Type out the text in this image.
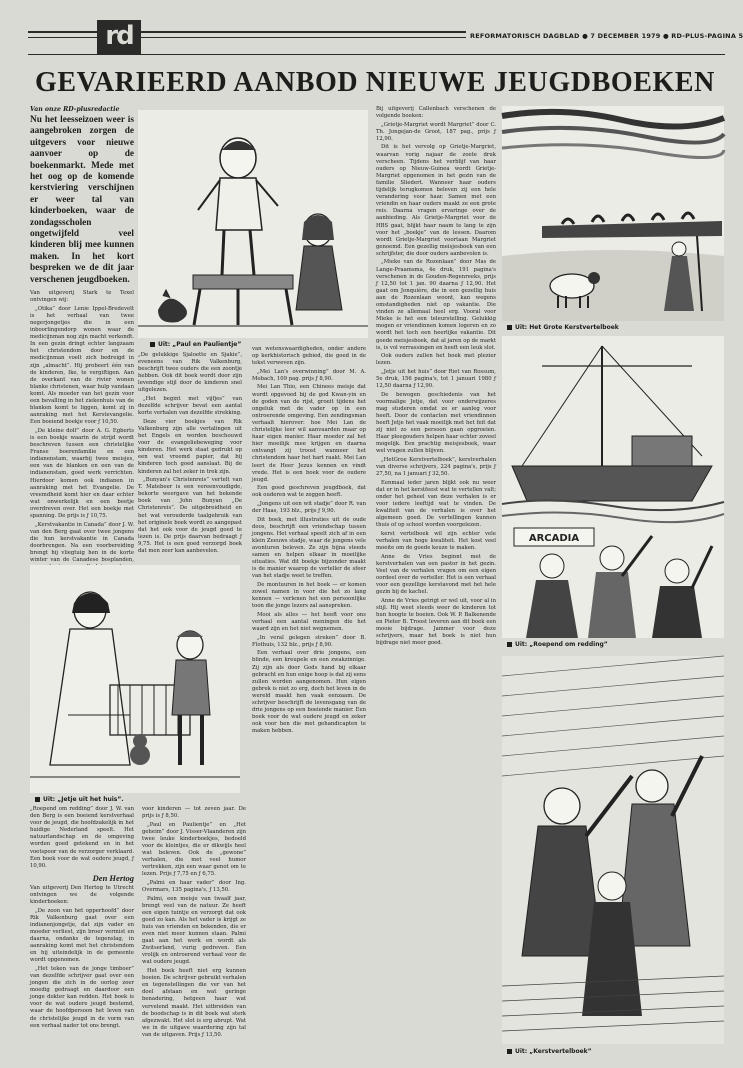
rd	REFORMATORISCH DAGBLAD ● 7 DECEMBER 1979 ● RD-PLUS-PAGINA 5
GEVARIEERD AANBOD NIEUWE JEUGDBOEKEN
Van onze RD-plusredactie
Nu het leesseizoen weer is aangebroken zorgen de uitgevers voor nieuwe aanvoer op de boekenmarkt. Mede met het oog op de komende kerstviering verschijnen er weer tal van kinderboeken, waar de zondagsscholen ongetwijfeld veel kinderen blij mee kunnen maken. In het kort bespreken we de dit jaar verschenen jeugdboeken.

Van uitgeverij Stark te Texel ontvingen wij:

„Otika” door Lenie Ippel-Bredevelt is het verhaal van twee negerjongetjes die in een inboorlingendorp wonen waar de medicijnman nog zijn macht verkondt. In een gezin dringt echter langzaam het christendom door en de medicijnman voelt zich bedreigd in zijn „almacht”. Hij probeert één van de kinderen, Ike, te vergiftigen. Aan de overkant van de rivier wonen blanke christenen, waar hulp vandaan komt. Als moeder van het gezin voor een bevalling in het ziekenhuis van de blanken komt te liggen, komt zij in aanraking met het Kerstevangelie. Een boeiend boekje voor ƒ 10,50.

„De kleine dolf” door A. G. Egberts is een boekje waarin de strijd wordt beschreven tussen een christelijke Franse boerenfamilie en een indianenstam, waarbij twee meisjes, een van de blanken en een van de indianenstam, goed werk verrichten. Hierdoor komen ook indianen in aanraking met het Evangelie. De vreemdheid komt hier en daar echter wat onwerkelijk en een beetje overdreven over. Het een boekje met spanning. De prijs is ƒ 10,75.

„Kerstvakantie in Canada” door J. W. van den Berg gaat over twee jongens die hun kerstvakantie in Canada doorbrengen. Na een voorbereiding brengt hij vliegtuig hen in de korte winter van de Canadese bosplanden,

Uit: „Paul en Paulientje”

„De gelukkige Sjaloette en Sjakie”, eveneens van Rik Valkenburg, beschrijft twee ouders die een zoontje hebben. Ook dit boek wordt door zijn levendige stijl door de kinderen snel uitgelezen.

„Het begint met vijfjes” van dezelfde schrijver bevat een aantal korte verhalen van dezelfde strekking.

Deze vier boekjes van Rik Valkenburg zijn alle vertalingen uit het Engels en worden beschouwd voor de evangeliebeweging voor kinderen. Het werk staat gedrukt op een wat vreemd papier, dat bij kinderen toch goed aanslaat. Bij de kinderen zal het zeker in trek zijn.

„Bunyan's Christenreis” vertelt van T. Matebeer is een vereenvoudigde, bekorte weergave van het bekende boek van John Bunyan „De Christenreis”. De uitgebreidheid en het wat verouderde taalgebruik van het originele boek wordt zo aangepast dat het ook voor de jeugd goed te lezen is. De prijs daarvan bedraagt ƒ 9,75. Het is een goed verzorgd boek dat men zeer kan aanbevelen.

Uit: „Jetje uit het huis”.

„Roepend om redding” door J. W. van den Berg is een boeiend kerstverhaal voor de jeugd, die hoofdzakelijk in het huidige Nederland speelt. Het natuurlandschap en de omgeving worden goed getekend en in het voetspoor van de verzorger verklaard. Een boek voor de wat oudere jeugd, ƒ 10,90.

Den Hertog

Van uitgeverij Den Hertog te Utrecht ontvingen we de volgende kinderboeken:

„De zoon van het opperhoofd” door Rik Valkenburg gaat over een indianenjongetje, dat zijn vader en moeder verliest, zijn broer vermist en daarna, ondanks de tegenslag, in aanraking komt met het christendom en hij uiteindelijk in de gemeente wordt opgenomen.

„Het teken van de jonge timboer” van dezelfde schrijver gaat over een jongen die zich in de oorlog zeer moedig gedraagt en daardoor een jonge dokter kan redden. Het boek is voor de wat oudere jeugd bestemd, waar de hoofdpersoon het leven van de christelijke jeugd in de vorm van een verhaal nader tot ons brengt.

voor kinderen — tot zeven jaar. De prijs is ƒ 8,50.

„Paul en Paulientje” en „Het geheim” door J. Visser-Vlaanderen zijn twee leuke kinderboekjes, bedoeld voor de kleintjes, die er dikwijls heel wat beleven. Ook de „gewone” verhalen, die met veel humor vertrekken, zijn een waar genot om te lezen. Prijs ƒ 7,75 en ƒ 6,75.

„Palmi en haar vader” door Ing. Overmars, 135 pagina's, ƒ 13,50.

Palmi, een meisje van twaalf jaar, brengt veel van de natuur. Ze heeft een eigen tuintje en verzorgt dat ook goed zo kan. Als het vader is krijgt ze huis van vrienden en bekenden, die er even niet meer kunnen staan. Palmi gaat aan het werk en wordt als Zwitserland, vurig gedreven. Een vrolijk en ontroerend verhaal voor de wat oudere jeugd.

Het boek heeft niet erg kunnen boeien. De schrijver gebruikt verhalen en tegenstellingen die ver van het doel afstaan en wat geringe benadering, hetgeen haar wat vervelend maakt. Het uitbreiden van de boodschap is in dit boek wat sterk afgezwakt. Het slot is erg abrupt. Wat we in de uitgave waardering zijn tal van de uitgaven. Prijs ƒ 13,50.

van wetenswaardigheden, onder andere op kerkhistorisch gebied, die goed in de tekst verweven zijn.

„Mei Lan's overwinning” door M. A. Mobach, 109 pag. prijs ƒ 8,90.

Mei Lan Thio, een Chinees meisje dat wordt opgevoed bij de god Kwan-yin en de goden van de rijst, groeit tijdens het ongeluk met de vader op in een ontroerende omgeving. Een zendingsman verhaalt hierover: hoe Mei Lan de christelijke leer wil aanvaarden maar op haar eigen manier. Haar moeder zal het hier moeilijk mee krijgen en daarna ontvangt zij troost wanneer het christendom haar het hart raakt. Mei Lan leert de Heer Jezus kennen en vindt vrede. Het is een boek voor de oudere jeugd.

Een goed geschreven jeugdboek, dat ook ouderen wat te zeggen heeft.

„Jongens uit een wit stadje” door R. van der Haas, 193 blz., prijs ƒ 9,90.

Dit boek, met illustraties uit de oude doos, beschrijft een vriendschap tussen jongens. Het verhaal speelt zich af in een klein Zeeuws stadje, waar de jongens vele avonturen beleven. Ze zijn bijna steeds samen en helpen elkaar in moeilijke situaties. Wat dit boekje bijzonder maakt is de manier waarop de verteller de sfeer van het stadje weet te treffen.

De montuuren in het boek — er komen zowel namen in voor die het zo lang kennen — verlenen het een persoonlijke toon die jonge lezers zal aanspreken.

Mooi als alles — het heeft voor ons verhaal een aantal meningen die het waard zijn en het niet wegnemen.

„In veral gelegen streken” door B. Flothuis, 132 blz., prijs ƒ 8,90.

Een verhaal over drie jongens, een blinde, een kreupele en een zwakzinnige. Zij zijn als door Gods hand bij elkaar gebracht en hun enige hoop is dat zij eens zullen worden aangenomen. Hun eigen gebrek is niet zo erg, doch het leven in de wereld maakt hen vaak eenzaam. De schrijver beschrijft de levensgang van de drie jongens op een boeiende manier. Een boek voor de wat oudere jeugd en zeker ook voor hen die met gehandicapten te maken hebben.

Bij uitgeverij Callenbach verschenen de volgende boeken:

„Grietje-Margriet wordt Margriet” door C. Th. Jongejan-de Groot, 187 pag., prijs ƒ 12,90.

Dit is het vervolg op Grietje-Margriet, waarvan vorig najaar de zoete druk verscheen. Tijdens het verblijf van haar ouders op Nieuw-Guinea wordt Grietje-Margriet opgenomen in het gezin van de familie Sliedert. Wanneer haar ouders tijdelijk terugkomen beleven zij een hele verandering voor haar. Samen met een vriendin en haar ouders maakt ze een grote reis. Daarna vragen ervaringe over de aanbieding. Als Grietje-Margriet voor de HBS gaat, blijkt haar naam te lang te zijn voor het „boekje” van de lessen. Daarom wordt Grietje-Margriet voortaan Margriet genoemd. Een gezellig meisjesboek van een schrijfster, die door ouders aanbevolen is.

„Mieke van de Rozenlaan” door Mas de Lange-Praamsma, 4e druk, 191 pagina's verschenen in de Gouden-Regenreeks, prijs ƒ 12,50 tot 1 jan. 90 daarna ƒ 12,90. Het gaat om Jonquière, die in een gezellig huis aan de Rozenlaan woont, kan wegens omstandigheden niet op vakantie. Die vinden ze allemaal heel erg. Vooral voor Mieke is het een teleurstelling. Gelukkig mogen er vriendinnen komen logeren en zo wordt het toch een heerlijke vakantie. Dit goede meisjesboek, dat al jaren op de markt is, is vol verrassingen en heeft een leuk slot.

Ook ouders zullen het boek met plezier lezen.

„Jetje uit het huis” door Riet van Rossum, 5e druk, 156 pagina's, tot 1 januari 1980 ƒ 12,50 daarna ƒ 12,90.

De bewogen geschiedenis van het voormalige Jetje, dat voor onderwijzeres mag studeren omdat ze er aanleg voor heeft. Door de contacten met vriendinnen heeft Jetje het vaak moeilijk met het feit dat zij niet zo een persoon gaan opgroeien. Haar pleegouders helpen haar echter zoveel mogelijk. Een prachtig meisjesboek, waar wel vragen zullen blijven.

„HetGroe Kerstvertelboek”, kerstverhalen van diverse schrijvers, 224 pagina's, prijs ƒ 27,50, na 1 januari ƒ 32,50.

Eenmaal ieder jaren blijkt ook nu weer dat er in het kerstfeest wat te vertellen valt; onder het geheel van deze verhalen is er voor iedere leeftijd wat te vinden. De kwaliteit van de verhalen is over het algemeen goed. De vertellingen kunnen thuis of op school worden voorgelezen.

kerst vertelboek wil zijn echter vele verhalen van hoge kwaliteit. Het kost veel moeite om de goede keuze te maken.

Anne de Vries beginnt met de kerstverhalen van een pastor in het gezin. Veel van de verhalen vragen om een eigen oordeel over de verteller. Het is een verhaal voor een gezellige kerstavond met het hele gezin bij de kachel.

Anne de Vries getrigt er wel uit, voor al in stijl. Hij weet steeds weer de kinderen tot hun hoogte te boeien. Ook W. P. Balkenende en Pieter B. Troost leveren aan dit boek een mooie bijdrage. Jammer voor deze schrijvers, maar het boek is niet hun bijdrage niet meer goed.

Uit: Het Grote Kerstvertelboek
ARCADIA
Uit: „Roepend om redding”
Uit: „Kerstvertelboek”
